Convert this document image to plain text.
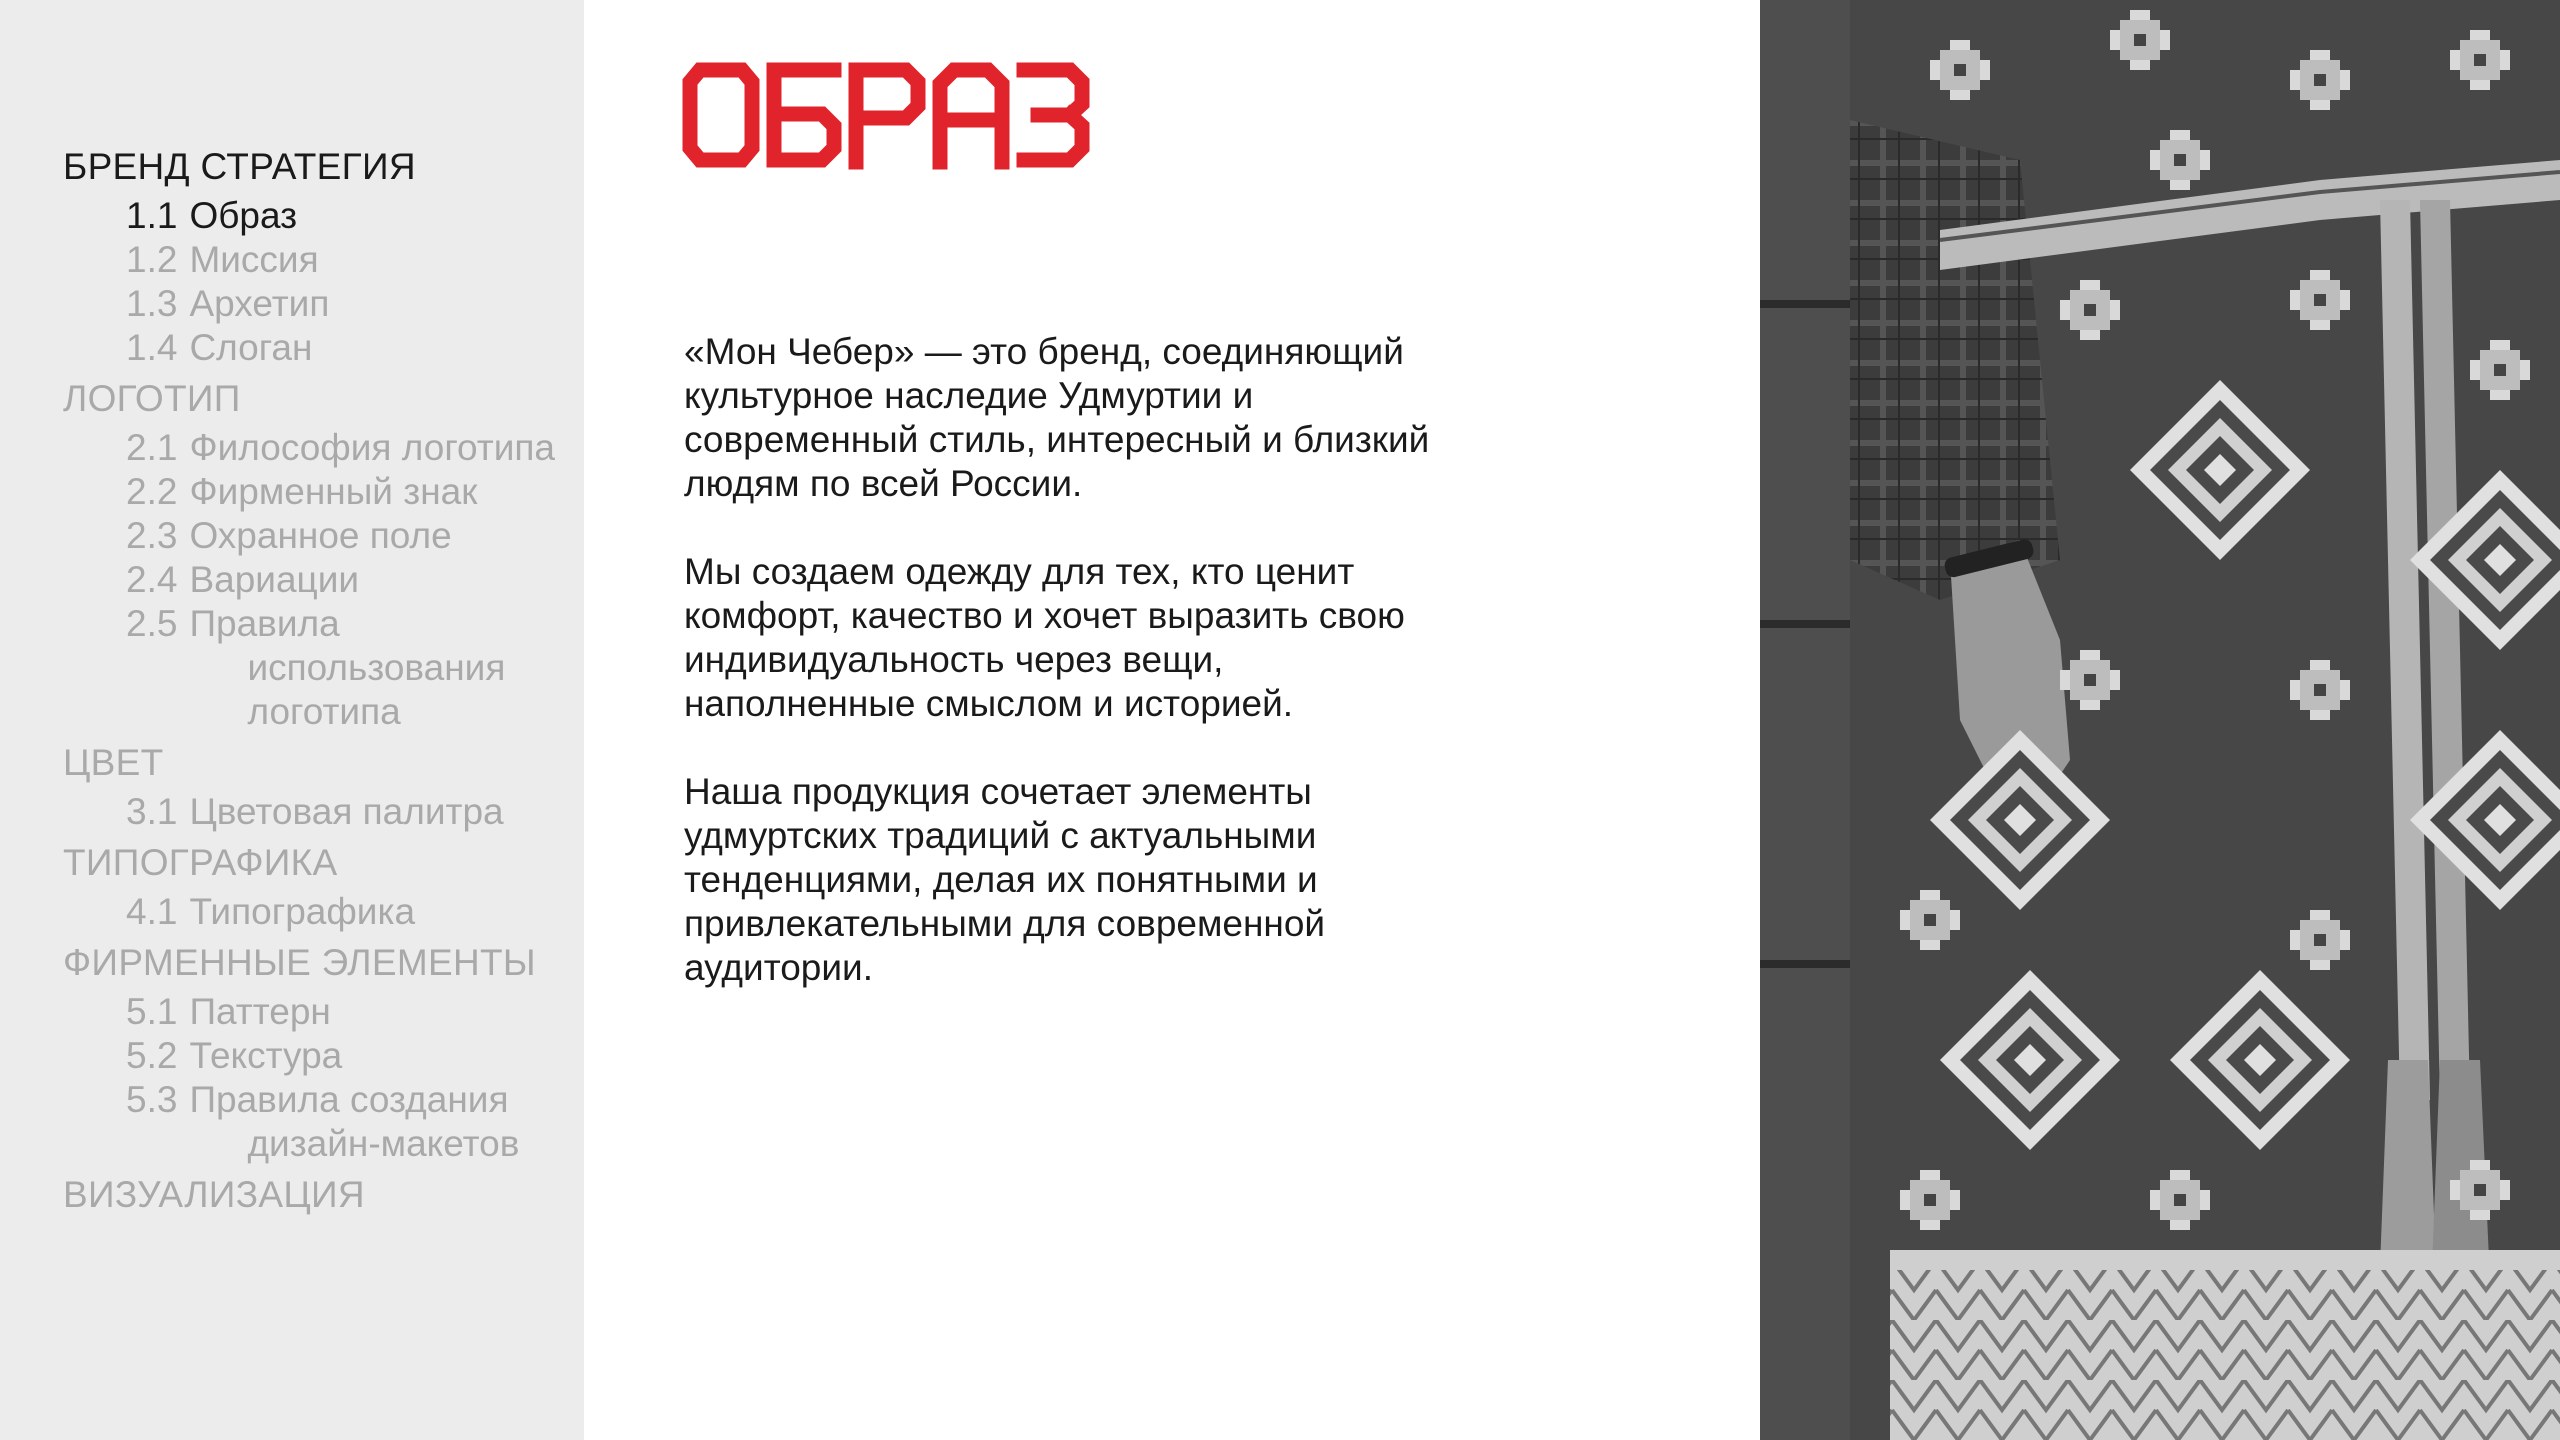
БРЕНД СТРАТЕГИЯ
1.1 Образ
1.2 Миссия
1.3 Архетип
1.4 Слоган
ЛОГОТИП
2.1 Философия логотипа
2.2 Фирменный знак
2.3 Охранное поле
2.4 Вариации
2.5 Правила
использования
логотипа
ЦВЕТ
3.1 Цветовая палитра
ТИПОГРАФИКА
4.1 Типографика
ФИРМЕННЫЕ ЭЛЕМЕНТЫ
5.1 Паттерн
5.2 Текстура
5.3 Правила создания
дизайн-макетов
ВИЗУАЛИЗАЦИЯ

«Мон Чебер» — это бренд, соединяющий
культурное наследие Удмуртии и
современный стиль, интересный и близкий
людям по всей России.

Мы создаем одежду для тех, кто ценит
комфорт, качество и хочет выразить свою
индивидуальность через вещи,
наполненные смыслом и историей.

Наша продукция сочетает элементы
удмуртских традиций с актуальными
тенденциями, делая их понятными и
привлекательными для современной
аудитории.
